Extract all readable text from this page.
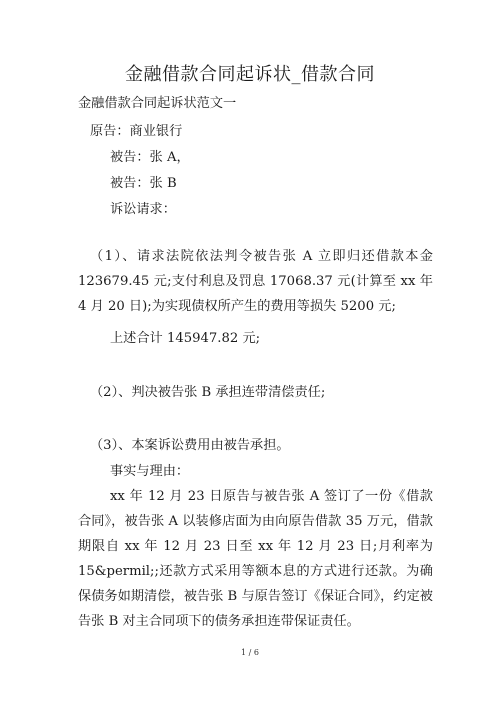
金融借款合同起诉状_借款合同
金融借款合同起诉状范文一
原告：商业银行
被告：张 A，
被告：张 B
诉讼请求：
（1）、请求法院依法判令被告张 A 立即归还借款本金 123679.45 元;支付利息及罚息 17068.37 元(计算至 xx 年 4 月 20 日);为实现债权所产生的费用等损失 5200 元;
上述合计 145947.82 元;
（2）、判决被告张 B 承担连带清偿责任;
（3）、本案诉讼费用由被告承担。
事实与理由：
xx 年 12 月 23 日原告与被告张 A 签订了一份《借款合同》，被告张 A 以装修店面为由向原告借款 35 万元，借款期限自 xx 年 12 月 23 日至 xx 年 12 月 23 日;月利率为 15&permil;;还款方式采用等额本息的方式进行还款。为确保债务如期清偿，被告张 B 与原告签订《保证合同》，约定被告张 B 对主合同项下的债务承担连带保证责任。
1 / 6
